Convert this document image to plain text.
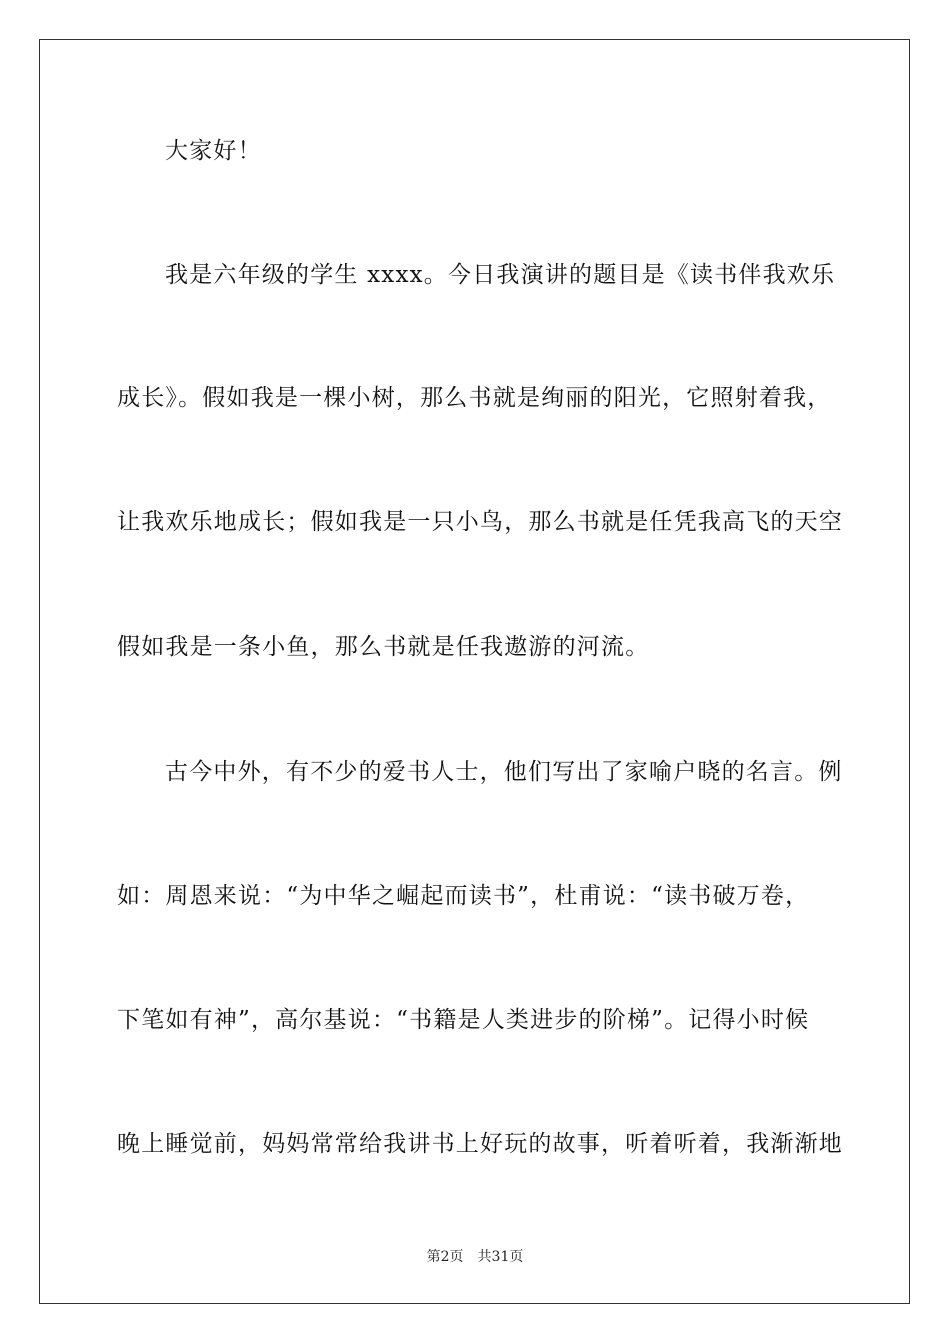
大家好！
我是六年级的学生 xxxx。今日我演讲的题目是《读书伴我欢乐
成长》。假如我是一棵小树，那么书就是绚丽的阳光，它照射着我，
让我欢乐地成长；假如我是一只小鸟，那么书就是任凭我高飞的天空
假如我是一条小鱼，那么书就是任我遨游的河流。
古今中外，有不少的爱书人士，他们写出了家喻户晓的名言。例
如：周恩来说：“为中华之崛起而读书”，杜甫说：“读书破万卷，
下笔如有神”，高尔基说：“书籍是人类进步的阶梯”。记得小时候
晚上睡觉前，妈妈常常给我讲书上好玩的故事，听着听着，我渐渐地
第2页 共31页
